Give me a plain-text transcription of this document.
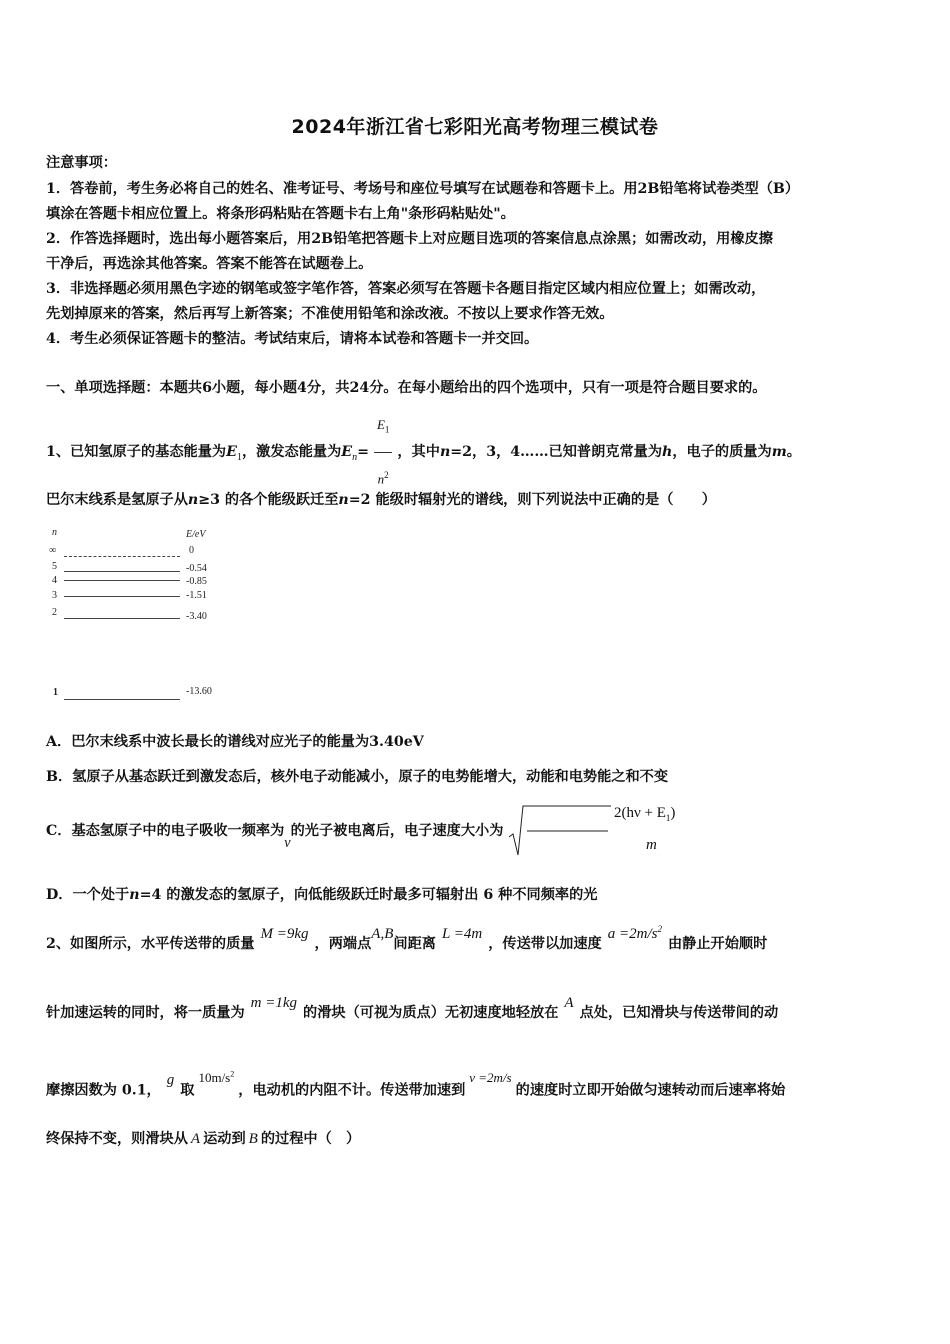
2024年浙江省七彩阳光高考物理三模试卷
注意事项：
1．答卷前，考生务必将自己的姓名、准考证号、考场号和座位号填写在试题卷和答题卡上。用2B铅笔将试卷类型（B）
填涂在答题卡相应位置上。将条形码粘贴在答题卡右上角"条形码粘贴处"。
2．作答选择题时，选出每小题答案后，用2B铅笔把答题卡上对应题目选项的答案信息点涂黑；如需改动，用橡皮擦
干净后，再选涂其他答案。答案不能答在试题卷上。
3．非选择题必须用黑色字迹的钢笔或签字笔作答，答案必须写在答题卡各题目指定区域内相应位置上；如需改动，
先划掉原来的答案，然后再写上新答案；不准使用铅笔和涂改液。不按以上要求作答无效。
4．考生必须保证答题卡的整洁。考试结束后，请将本试卷和答题卡一并交回。
一、单项选择题：本题共6小题，每小题4分，共24分。在每小题给出的四个选项中，只有一项是符合题目要求的。
1、已知氢原子的基态能量为$E_1$，激发态能量为$E_n= \frac{E_1}{n^2}$ ，其中n=2，3，4……已知普朗克常量为h，电子的质量为m。
巴尔末线系是氢原子从n≥3 的各个能级跃迁至n=2 能级时辐射光的谱线，则下列说法中正确的是（　　）
n	E/eV
∞	0
5	-0.54
4	-0.85
3	-1.51
2	-3.40
1	-13.60
A．巴尔末线系中波长最长的谱线对应光子的能量为3.40eV
B．氢原子从基态跃迁到激发态后，核外电子动能减小，原子的电势能增大，动能和电势能之和不变
C．基态氢原子中的电子吸收一频率为ν的光子被电离后，电子速度大小为
$2(h\nu + E_1)$
m
D．一个处于n=4 的激发态的氢原子，向低能级跃迁时最多可辐射出 6 种不同频率的光
2、如图所示，水平传送带的质量M =9kg，两端点A,B间距离L =4m，传送带以加速度$a =2m/s^2$由静止开始顺时
针加速运转的同时，将一质量为m =1kg的滑块（可视为质点）无初速度地轻放在A点处，已知滑块与传送带间的动
摩擦因数为 0.1，g取$10m/s^2$，电动机的内阻不计。传送带加速到v =2m/s的速度时立即开始做匀速转动而后速率将始
终保持不变，则滑块从 A 运动到 B 的过程中（　）
